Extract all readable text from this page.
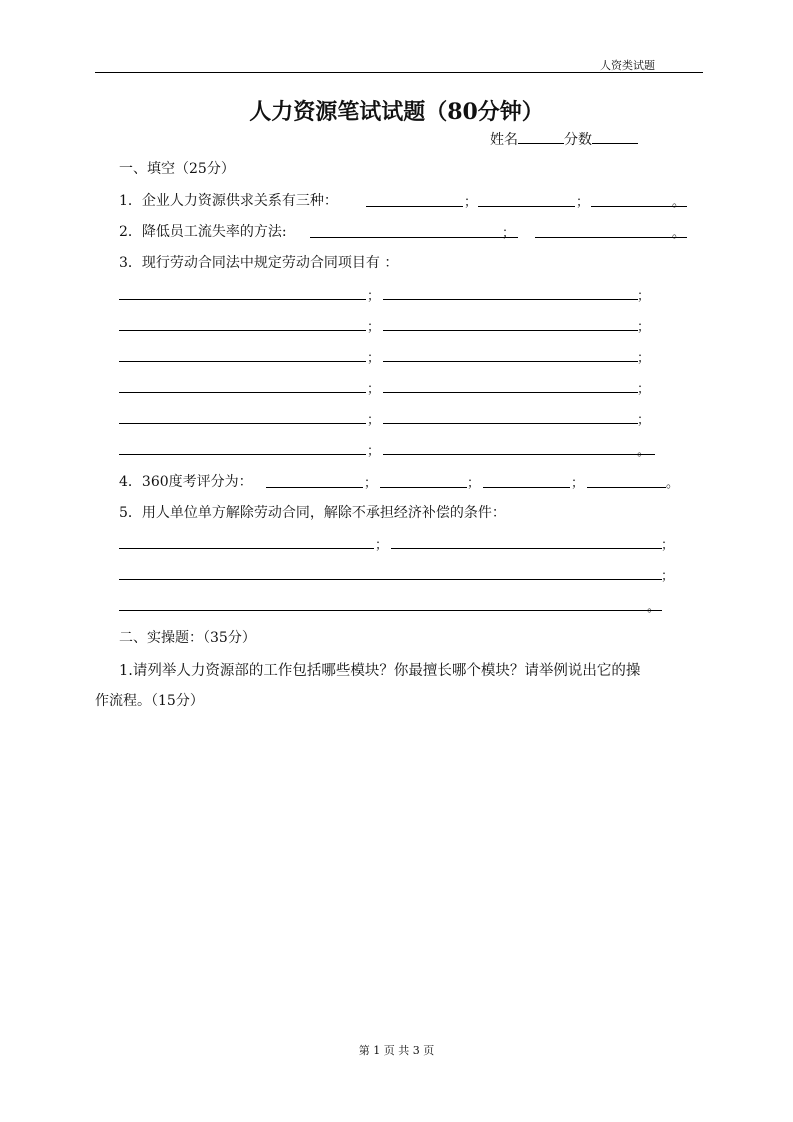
人资类试题
人力资源笔试试题（80分钟）
姓名	分数
一、填空（25分）
1．企业人力资源供求关系有三种：	；	；	。
2．降低员工流失率的方法:	；	。
3．现行劳动合同法中规定劳动合同项目有 ：
；	；
；	；
；	；
；	；
；	；
；	。
4．360度考评分为：	；	；	；	。
5．用人单位单方解除劳动合同，解除不承担经济补偿的条件：
；	；
；
。
二、实操题：（35分）
1.请列举人力资源部的工作包括哪些模块？你最擅长哪个模块？请举例说出它的操
作流程。（15分）
第 1 页 共 3 页
